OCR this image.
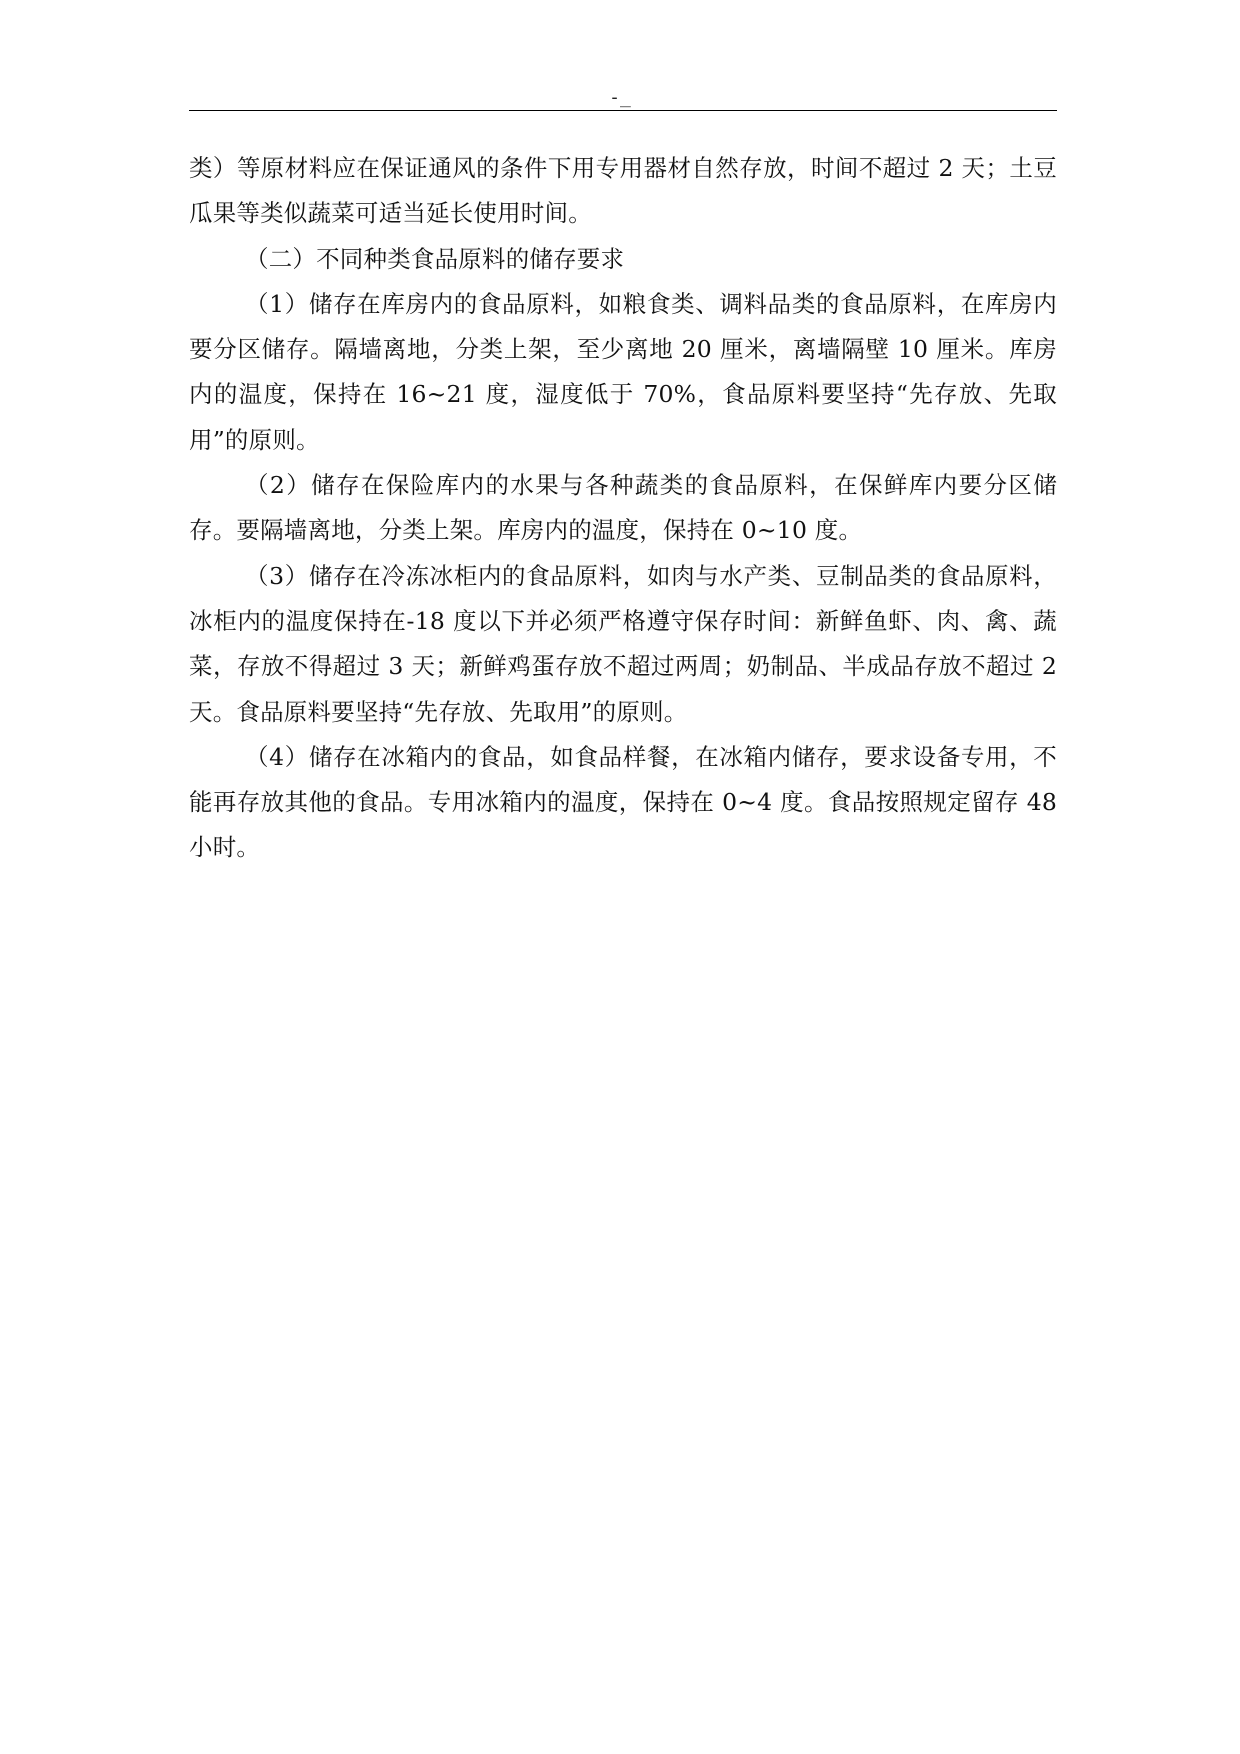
-_

类）等原材料应在保证通风的条件下用专用器材自然存放，时间不超过 2 天；土豆瓜果等类似蔬菜可适当延长使用时间。

（二）不同种类食品原料的储存要求

（1）储存在库房内的食品原料，如粮食类、调料品类的食品原料，在库房内要分区储存。隔墙离地，分类上架，至少离地 20 厘米，离墙隔壁 10 厘米。库房内的温度，保持在 16~21 度，湿度低于 70%，食品原料要坚持“先存放、先取用”的原则。

（2）储存在保险库内的水果与各种蔬类的食品原料，在保鲜库内要分区储存。要隔墙离地，分类上架。库房内的温度，保持在 0~10 度。

（3）储存在冷冻冰柜内的食品原料，如肉与水产类、豆制品类的食品原料，冰柜内的温度保持在-18 度以下并必须严格遵守保存时间：新鲜鱼虾、肉、禽、蔬菜，存放不得超过 3 天；新鲜鸡蛋存放不超过两周；奶制品、半成品存放不超过 2 天。食品原料要坚持“先存放、先取用”的原则。

（4）储存在冰箱内的食品，如食品样餐，在冰箱内储存，要求设备专用，不能再存放其他的食品。专用冰箱内的温度，保持在 0~4 度。食品按照规定留存 48 小时。
